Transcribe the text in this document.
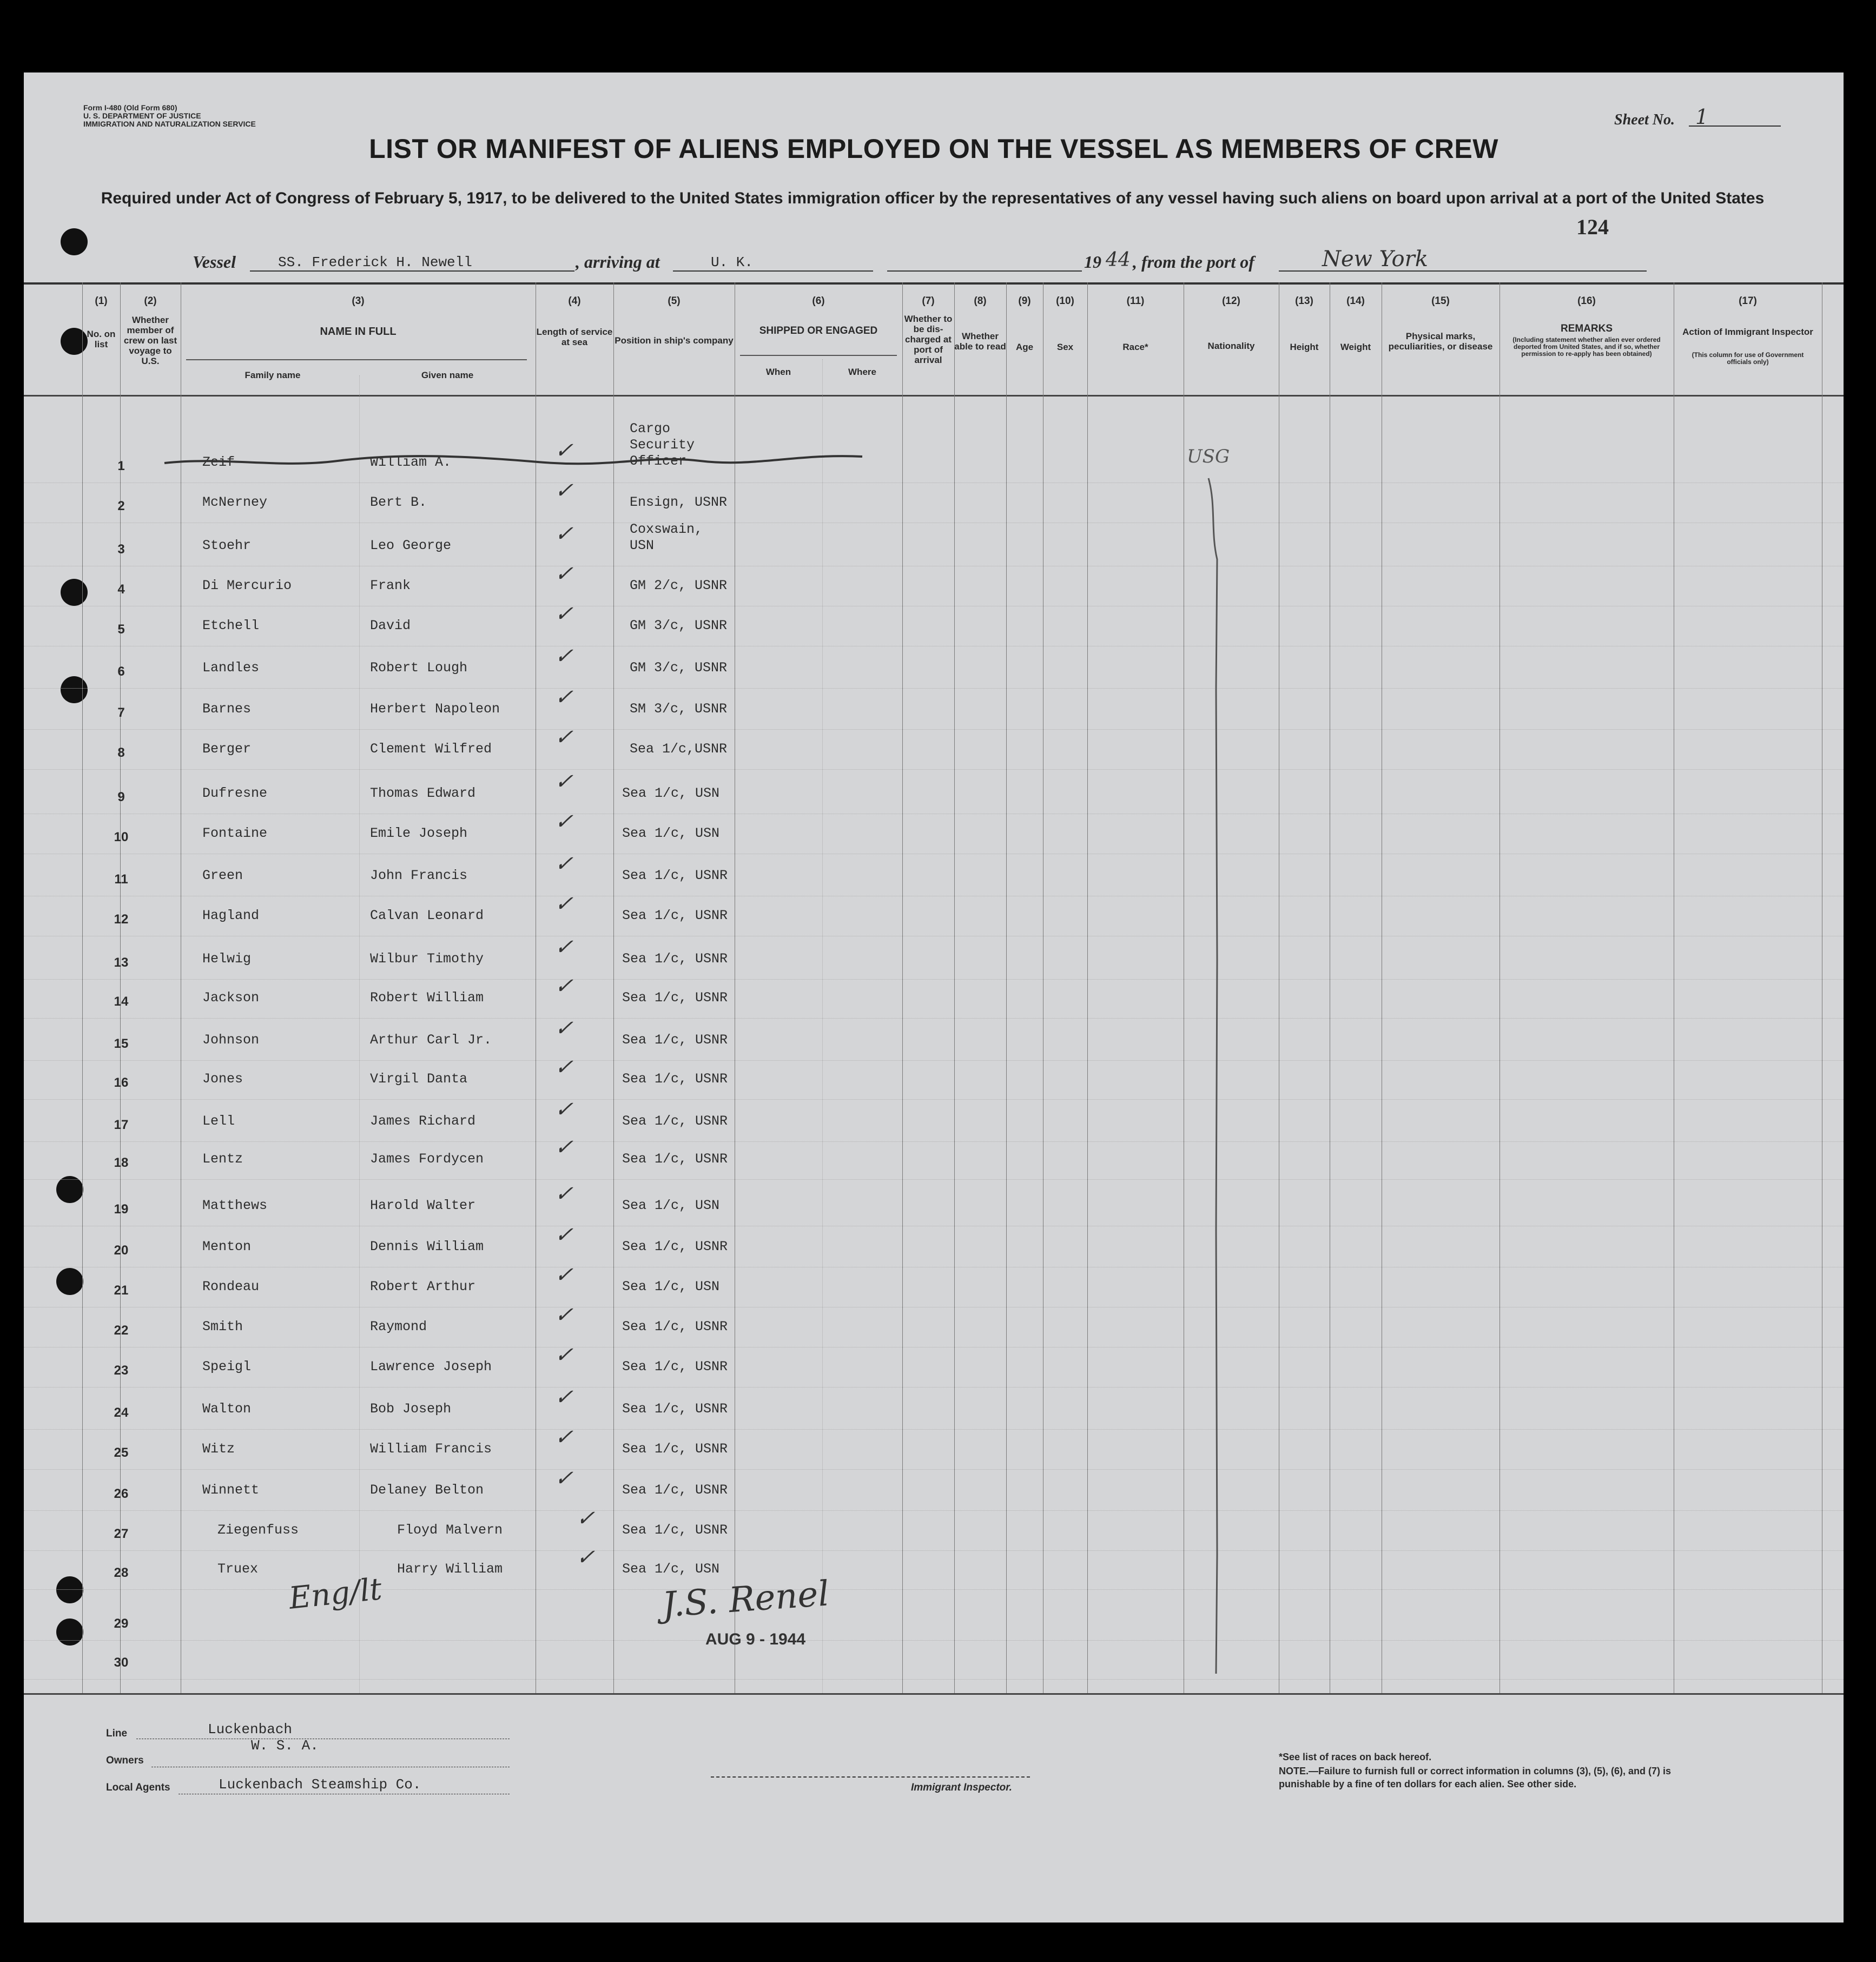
Form I-480 (Old Form 680)
U. S. DEPARTMENT OF JUSTICE
IMMIGRATION AND NATURALIZATION SERVICE	Sheet No. 1
LIST OR MANIFEST OF ALIENS EMPLOYED ON THE VESSEL AS MEMBERS OF CREW
Required under Act of Congress of February 5, 1917, to be delivered to the United States immigration officer by the representatives of any vessel having such aliens on board upon arrival at a port of the United States
124
Vessel	SS. Frederick H. Newell	, arriving at	U. K.	19 44 , from the port of	New York
(1)	(2)	(3)	(4)	(5)	(6)	(7)	(8)	(9)	(10)	(11)	(12)	(13)	(14)	(15)	(16)	(17)
No. on list
Whether member of crew on last voyage to U.S.
NAME IN FULL
Family name	Given name
Length of service at sea	Position in ship's company
SHIPPED OR ENGAGED
When	Where
Whether to be dis-charged at port of arrival
Whether able to read	Age	Sex	Race*	Nationality	Height	Weight
Physical marks, peculiarities, or disease
REMARKS
(Including statement whether alien ever ordered deported from United States, and if so, whether permission to re-apply has been obtained)
Action of Immigrant Inspector
(This column for use of Government officials only)
1	Zeif	William A.	✓
Cargo Security Officer
2	McNerney	Bert B.	✓	Ensign, USNR
3	Stoehr	Leo George	✓	Coxswain, USN
4	Di Mercurio	Frank	✓	GM 2/c, USNR
5	Etchell	David	✓	GM 3/c, USNR
6	Landles	Robert Lough	✓	GM 3/c, USNR
7	Barnes	Herbert Napoleon ✓	SM 3/c, USNR
8	Berger	Clement Wilfred	✓	Sea 1/c,USNR
9	Dufresne	Thomas Edward	✓	Sea 1/c, USN
10	Fontaine	Emile Joseph	✓	Sea 1/c, USN
11	Green	John Francis	✓	Sea 1/c, USNR
12	Hagland	Calvan Leonard	✓	Sea 1/c, USNR
13	Helwig	Wilbur Timothy	✓	Sea 1/c, USNR
14	Jackson	Robert William	✓	Sea 1/c, USNR
15	Johnson	Arthur Carl Jr.	✓	Sea 1/c, USNR
16	Jones	Virgil Danta	✓	Sea 1/c, USNR
17	Lell	James Richard	✓	Sea 1/c, USNR
18	Lentz	James Fordycen	✓	Sea 1/c, USNR
19	Matthews	Harold Walter	✓	Sea 1/c, USN
20	Menton	Dennis William	✓	Sea 1/c, USNR
21	Rondeau	Robert Arthur	✓	Sea 1/c, USN
22	Smith	Raymond	✓	Sea 1/c, USNR
23	Speigl	Lawrence Joseph	✓	Sea 1/c, USNR
24	Walton	Bob Joseph	✓	Sea 1/c, USNR
25	Witz	William Francis	✓	Sea 1/c, USNR
26	Winnett	Delaney Belton	✓	Sea 1/c, USNR
27	Ziegenfuss	Floyd Malvern	✓ Sea 1/c, USNR
28	Truex	Harry William	✓ Sea 1/c, USN
29
30
USG
Eng/lt	J.S. Renel
AUG 9 - 1944
Line	Luckenbach
Owners
W. S. A.
Local Agents	Luckenbach Steamship Co.	Immigrant Inspector.
*See list of races on back hereof.
NOTE.—Failure to furnish full or correct information in columns (3), (5), (6), and (7) is punishable by a fine of ten dollars for each alien. See other side.
